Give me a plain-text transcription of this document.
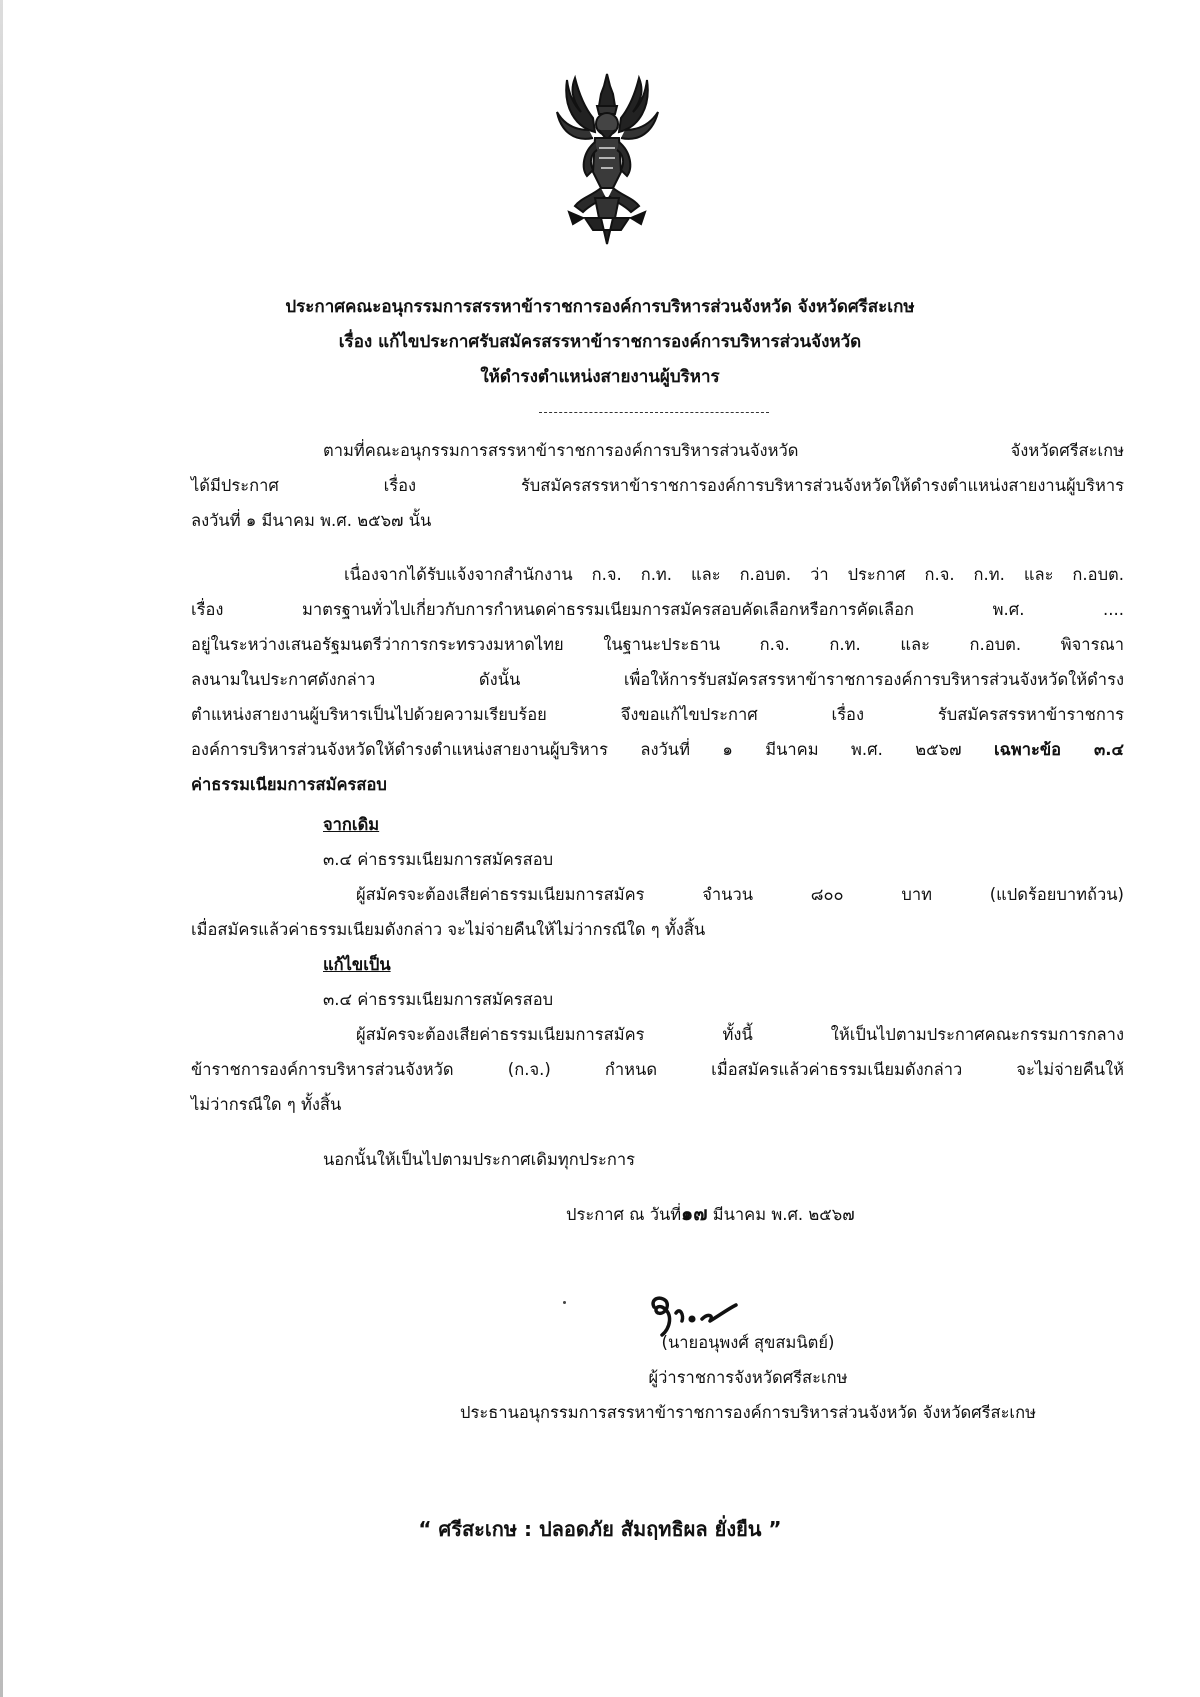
ประกาศคณะอนุกรรมการสรรหาข้าราชการองค์การบริหารส่วนจังหวัด จังหวัดศรีสะเกษ
เรื่อง แก้ไขประกาศรับสมัครสรรหาข้าราชการองค์การบริหารส่วนจังหวัด
ให้ดำรงตำแหน่งสายงานผู้บริหาร
ตามที่คณะอนุกรรมการสรรหาข้าราชการองค์การบริหารส่วนจังหวัด จังหวัดศรีสะเกษ
ได้มีประกาศ เรื่อง รับสมัครสรรหาข้าราชการองค์การบริหารส่วนจังหวัดให้ดำรงตำแหน่งสายงานผู้บริหาร
ลงวันที่ ๑ มีนาคม พ.ศ. ๒๕๖๗ นั้น
เนื่องจากได้รับแจ้งจากสำนักงาน ก.จ. ก.ท. และ ก.อบต. ว่า ประกาศ ก.จ. ก.ท. และ ก.อบต.
เรื่อง มาตรฐานทั่วไปเกี่ยวกับการกำหนดค่าธรรมเนียมการสมัครสอบคัดเลือกหรือการคัดเลือก พ.ศ. ....
อยู่ในระหว่างเสนอรัฐมนตรีว่าการกระทรวงมหาดไทย ในฐานะประธาน ก.จ. ก.ท. และ ก.อบต. พิจารณา
ลงนามในประกาศดังกล่าว ดังนั้น เพื่อให้การรับสมัครสรรหาข้าราชการองค์การบริหารส่วนจังหวัดให้ดำรง
ตำแหน่งสายงานผู้บริหารเป็นไปด้วยความเรียบร้อย จึงขอแก้ไขประกาศ เรื่อง รับสมัครสรรหาข้าราชการ
องค์การบริหารส่วนจังหวัดให้ดำรงตำแหน่งสายงานผู้บริหาร ลงวันที่ ๑ มีนาคม พ.ศ. ๒๕๖๗ เฉพาะข้อ ๓.๔
ค่าธรรมเนียมการสมัครสอบ
จากเดิม
๓.๔ ค่าธรรมเนียมการสมัครสอบ
ผู้สมัครจะต้องเสียค่าธรรมเนียมการสมัคร จำนวน ๘๐๐ บาท (แปดร้อยบาทถ้วน)
เมื่อสมัครแล้วค่าธรรมเนียมดังกล่าว จะไม่จ่ายคืนให้ไม่ว่ากรณีใด ๆ ทั้งสิ้น
แก้ไขเป็น
๓.๔ ค่าธรรมเนียมการสมัครสอบ
ผู้สมัครจะต้องเสียค่าธรรมเนียมการสมัคร ทั้งนี้ ให้เป็นไปตามประกาศคณะกรรมการกลาง
ข้าราชการองค์การบริหารส่วนจังหวัด (ก.จ.) กำหนด เมื่อสมัครแล้วค่าธรรมเนียมดังกล่าว จะไม่จ่ายคืนให้
ไม่ว่ากรณีใด ๆ ทั้งสิ้น
นอกนั้นให้เป็นไปตามประกาศเดิมทุกประการ
ประกาศ ณ วันที่๑๗ มีนาคม พ.ศ. ๒๕๖๗
(นายอนุพงศ์ สุขสมนิตย์)
ผู้ว่าราชการจังหวัดศรีสะเกษ
ประธานอนุกรรมการสรรหาข้าราชการองค์การบริหารส่วนจังหวัด จังหวัดศรีสะเกษ
“ ศรีสะเกษ : ปลอดภัย สัมฤทธิผล ยั่งยืน ”
